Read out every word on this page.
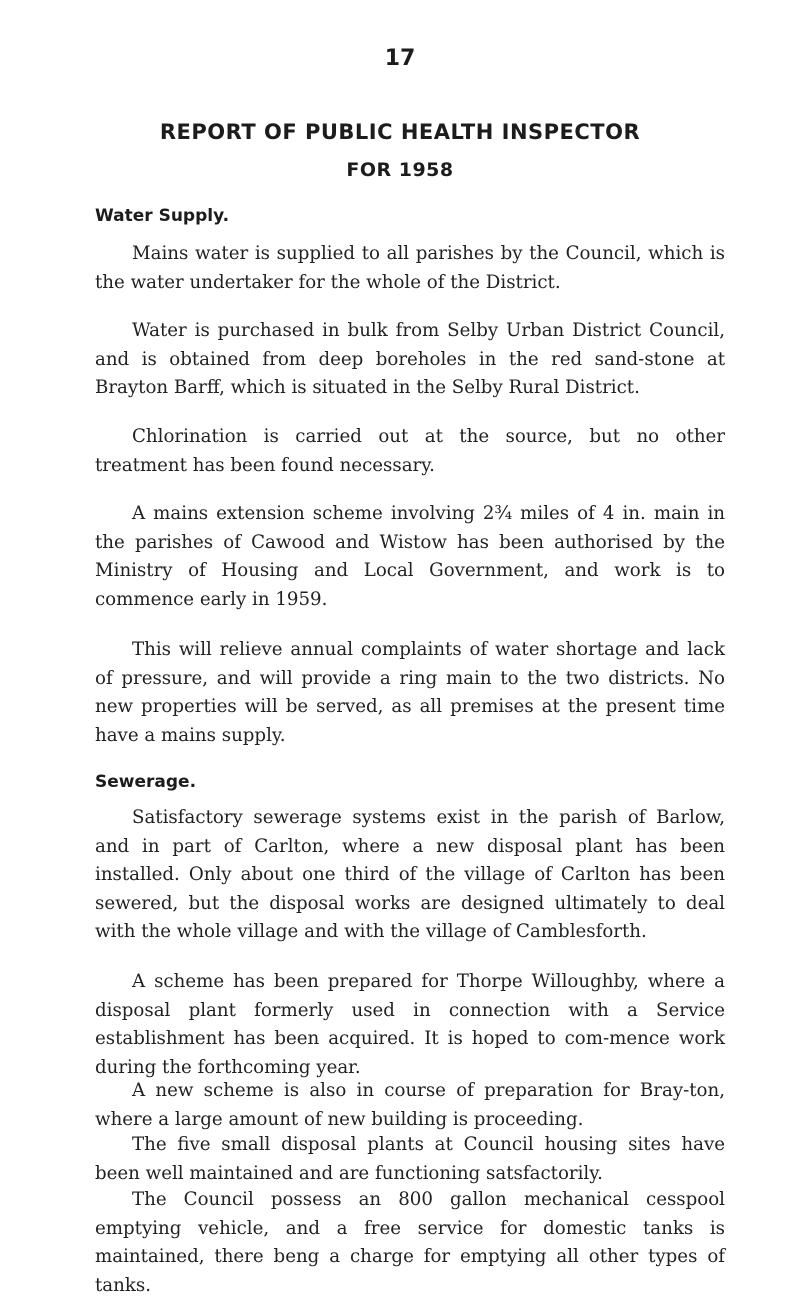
17
REPORT OF PUBLIC HEALTH INSPECTOR
FOR 1958
Water Supply.

Mains water is supplied to all parishes by the Council, which is the water undertaker for the whole of the District.

Water is purchased in bulk from Selby Urban District Council, and is obtained from deep boreholes in the red sand-stone at Brayton Barff, which is situated in the Selby Rural District.

Chlorination is carried out at the source, but no other treatment has been found necessary.

A mains extension scheme involving 2¾ miles of 4 in. main in the parishes of Cawood and Wistow has been authorised by the Ministry of Housing and Local Government, and work is to commence early in 1959.

This will relieve annual complaints of water shortage and lack of pressure, and will provide a ring main to the two districts. No new properties will be served, as all premises at the present time have a mains supply.

Sewerage.

Satisfactory sewerage systems exist in the parish of Barlow, and in part of Carlton, where a new disposal plant has been installed. Only about one third of the village of Carlton has been sewered, but the disposal works are designed ultimately to deal with the whole village and with the village of Camblesforth.

A scheme has been prepared for Thorpe Willoughby, where a disposal plant formerly used in connection with a Service establishment has been acquired. It is hoped to com-mence work during the forthcoming year.

A new scheme is also in course of preparation for Bray-ton, where a large amount of new building is proceeding.

The five small disposal plants at Council housing sites have been well maintained and are functioning satsfactorily.

The Council possess an 800 gallon mechanical cesspool emptying vehicle, and a free service for domestic tanks is maintained, there beng a charge for emptying all other types of tanks.
